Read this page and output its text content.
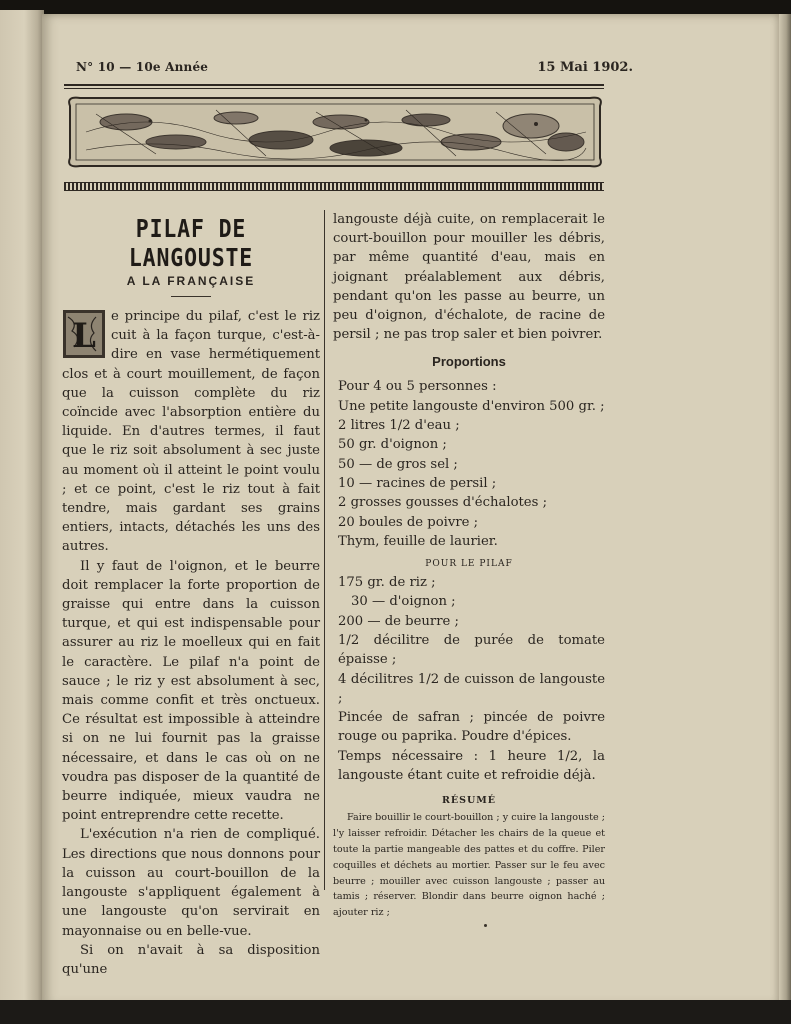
N° 10 — 10e Année	15 Mai 1902.
PILAF DE LANGOUSTE
A LA FRANÇAISE

L e principe du pilaf, c'est le riz cuit à la façon turque, c'est-à-dire en vase hermétiquement clos et à court mouillement, de façon que la cuisson complète du riz coïncide avec l'absorption entière du liquide. En d'autres termes, il faut que le riz soit absolument à sec juste au moment où il atteint le point voulu ; et ce point, c'est le riz tout à fait tendre, mais gardant ses grains entiers, intacts, détachés les uns des autres.

Il y faut de l'oignon, et le beurre doit remplacer la forte proportion de graisse qui entre dans la cuisson turque, et qui est indispensable pour assurer au riz le moelleux qui en fait le caractère. Le pilaf n'a point de sauce ; le riz y est absolument à sec, mais comme confit et très onctueux. Ce résultat est impossible à atteindre si on ne lui fournit pas la graisse nécessaire, et dans le cas où on ne voudra pas disposer de la quantité de beurre indiquée, mieux vaudra ne point entreprendre cette recette.

L'exécution n'a rien de compliqué. Les directions que nous donnons pour la cuisson au court-bouillon de la langouste s'appliquent également à une langouste qu'on servirait en mayonnaise ou en belle-vue.

Si on n'avait à sa disposition qu'une

langouste déjà cuite, on remplacerait le court-bouillon pour mouiller les débris, par même quantité d'eau, mais en joignant préalablement aux débris, pendant qu'on les passe au beurre, un peu d'oignon, d'échalote, de racine de persil ; ne pas trop saler et bien poivrer.

Proportions

Pour 4 ou 5 personnes :

Une petite langouste d'environ 500 gr. ;

2 litres 1/2 d'eau ;

50 gr. d'oignon ;

50 — de gros sel ;

10 — racines de persil ;

2 grosses gousses d'échalotes ;

20 boules de poivre ;

Thym, feuille de laurier.

POUR LE PILAF

175 gr. de riz ;

30 — d'oignon ;

200 — de beurre ;

1/2 décilitre de purée de tomate épaisse ;

4 décilitres 1/2 de cuisson de langouste ;

Pincée de safran ; pincée de poivre rouge ou paprika. Poudre d'épices.

Temps nécessaire : 1 heure 1/2, la langouste étant cuite et refroidie déjà.

RÉSUMÉ

Faire bouillir le court-bouillon ; y cuire la langouste ; l'y laisser refroidir. Détacher les chairs de la queue et toute la partie mangeable des pattes et du coffre. Piler coquilles et déchets au mortier. Passer sur le feu avec beurre ; mouiller avec cuisson langouste ; passer au tamis ; réserver. Blondir dans beurre oignon haché ; ajouter riz ;
